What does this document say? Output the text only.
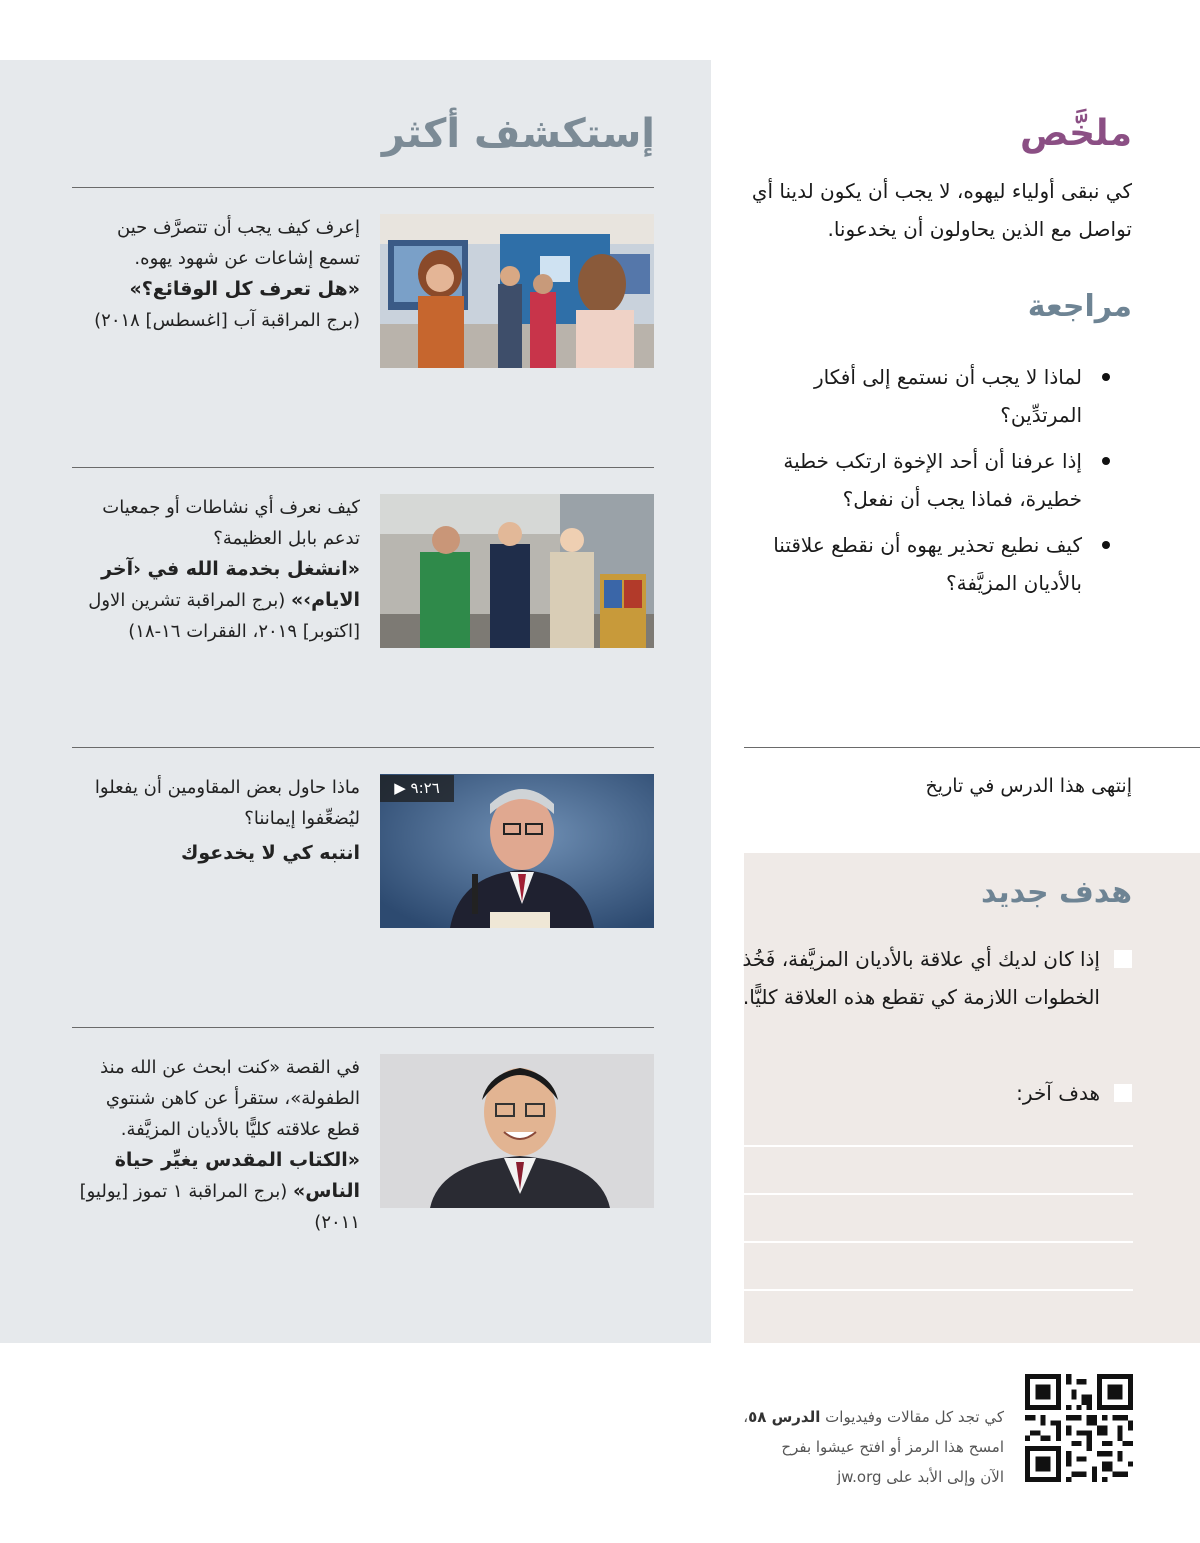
إستكشف أكثر

إعرف كيف يجب أن تتصرَّف حين تسمع إشاعات عن شهود يهوه.

«هل تعرف كل الوقائع؟»

(برج المراقبة آب [اغسطس] ٢٠١٨)

كيف نعرف أي نشاطات أو جمعيات تدعم بابل العظيمة؟

«انشغل بخدمة الله في ‹آخر الايام›» (برج المراقبة تشرين الاول [اكتوبر] ٢٠١٩، الفقرات ١٦-١٨)

٩:٢٦ ▶

ماذا حاول بعض المقاومين أن يفعلوا ليُضعِّفوا إيماننا؟

انتبه كي لا يخدعوك

في القصة «كنت ابحث عن الله منذ الطفولة»، ستقرأ عن كاهن شنتوي قطع علاقته كليًّا بالأديان المزيَّفة.

«الكتاب المقدس يغيِّر حياة الناس» (برج المراقبة ١ تموز [يوليو] ٢٠١١)

ملخَّص

كي نبقى أولياء ليهوه، لا يجب أن يكون لدينا أي تواصل مع الذين يحاولون أن يخدعونا.

مراجعة
لماذا لا يجب أن نستمع إلى أفكار المرتدِّين؟
إذا عرفنا أن أحد الإخوة ارتكب خطية خطيرة، فماذا يجب أن نفعل؟
كيف نطيع تحذير يهوه أن نقطع علاقتنا بالأديان المزيَّفة؟

إنتهى هذا الدرس في تاريخ

هدف جديد
إذا كان لديك أي علاقة بالأديان المزيَّفة، فَخُذ الخطوات اللازمة كي تقطع هذه العلاقة كليًّا.
هدف آخر:

كي تجد كل مقالات وفيديوات الدرس ٥٨،
امسح هذا الرمز أو افتح عيشوا بفرح
الآن وإلى الأبد على jw.org
